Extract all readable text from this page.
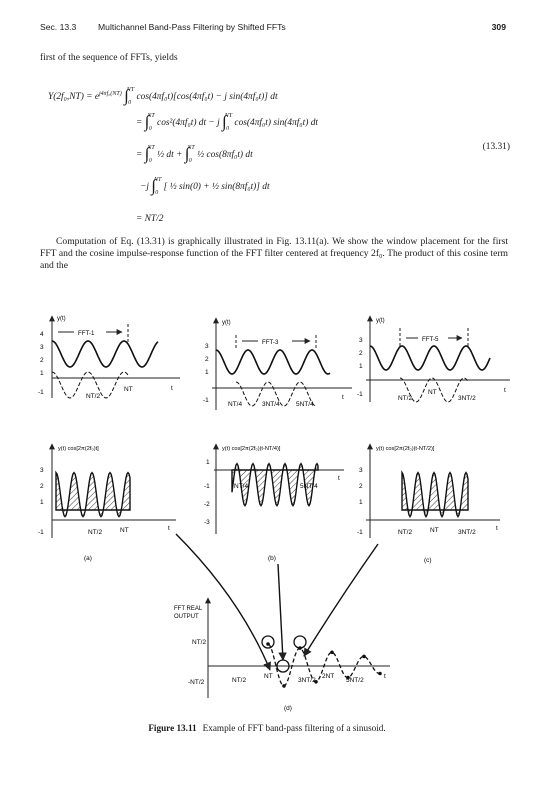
Sec. 13.3	Multichannel Band-Pass Filtering by Shifted FFTs	309

first of the sequence of FFTs, yields

$Y(2f_0,NT) = e^{j4\pi f_0(NT)}$ ∫$^{NT}_0$ cos(4πf₀t)[cos(4πf₀t) − j sin(4πf₀t)] dt
= ∫$^{NT}_0$ cos²(4πf₀t) dt − j ∫$^{NT}_0$ cos(4πf₀t) sin(4πf₀t) dt
= ∫$^{NT}_0$ ½ dt + ∫$^{NT}_0$ ½ cos(8πf₀t) dt
(13.31)
−j ∫$^{NT}_0$ [ ½ sin(0) + ½ sin(8πf₀t)] dt
= NT/2

Computation of Eq. (13.31) is graphically illustrated in Fig. 13.11(a). We show the window placement for the first FFT and the cosine impulse-response function of the FFT filter centered at frequency 2f₀. The product of this cosine term and the

y(t)
FFT-1
4
3
2
1
-1
NT/2
NT	t
y(t)
FFT-3
3
2
1
-1
NT/4	3NT/4	5NT/4
t
y(t)
FFT-5
3
2
1
-1
NT/2
NT
3NT/2
t
y(t) cos[2π(2f₀)t]
3
2
1
-1	NT/2	NT	t
y(t) cos[2π(2f₀)(t-NT/4)]
1
-1
-2
-3
NT/4	5NT/4
t
y(t) cos[2π(2f₀)(t-NT/2)]
3
2
1
-1	NT/2	NT	3NT/2
t
(a)	(b)	(c)
FFT REAL
OUTPUT
NT/2
-NT/2	NT/2
NT
3NT/2
2NT
5NT/2
t
(d)
Figure 13.11 Example of FFT band-pass filtering of a sinusoid.
